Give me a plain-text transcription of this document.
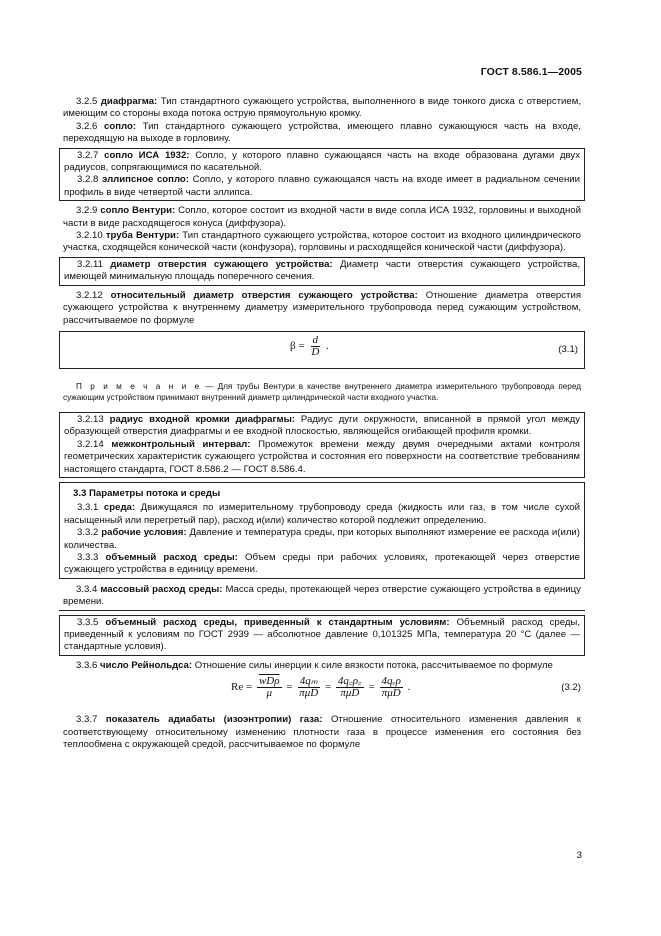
ГОСТ 8.586.1—2005

3.2.5 диафрагма: Тип стандартного сужающего устройства, выполненного в виде тонкого диска с отверстием, имеющим со стороны входа потока острую прямоугольную кромку.

3.2.6 сопло: Тип стандартного сужающего устройства, имеющего плавно сужающуюся часть на входе, переходящую на выходе в горловину.

3.2.7 сопло ИСА 1932: Сопло, у которого плавно сужающаяся часть на входе образована дугами двух радиусов, сопрягающимися по касательной.

3.2.8 эллипсное сопло: Сопло, у которого плавно сужающаяся часть на входе имеет в радиальном сечении профиль в виде четвертой части эллипса.

3.2.9 сопло Вентури: Сопло, которое состоит из входной части в виде сопла ИСА 1932, горловины и выходной части в виде расходящегося конуса (диффузора).

3.2.10 труба Вентури: Тип стандартного сужающего устройства, которое состоит из входного цилиндрического участка, сходящейся конической части (конфузора), горловины и расходящейся конической части (диффузора).

3.2.11 диаметр отверстия сужающего устройства: Диаметр части отверстия сужающего устройства, имеющей минимальную площадь поперечного сечения.

3.2.12 относительный диаметр отверстия сужающего устройства: Отношение диаметра отверстия сужающего устройства к внутреннему диаметру измерительного трубопровода перед сужающим устройством, рассчитываемое по формуле

$\beta = \frac{d}{D}$ .	(3.1)

П р и м е ч а н и е — Для трубы Вентури в качестве внутреннего диаметра измерительного трубопровода перед сужающим устройством принимают внутренний диаметр цилиндрической части входного участка.

3.2.13 радиус входной кромки диафрагмы: Радиус дуги окружности, вписанной в прямой угол между образующей отверстия диафрагмы и ее входной плоскостью, являющейся огибающей профиля кромки.

3.2.14 межконтрольный интервал: Промежуток времени между двумя очередными актами контроля геометрических характеристик сужающего устройства и состояния его поверхности на соответствие требованиям настоящего стандарта, ГОСТ 8.586.2 — ГОСТ 8.586.4.

3.3 Параметры потока и среды

3.3.1 среда: Движущаяся по измерительному трубопроводу среда (жидкость или газ, в том числе сухой насыщенный или перегретый пар), расход и(или) количество которой подлежит определению.

3.3.2 рабочие условия: Давление и температура среды, при которых выполняют измерение ее расхода и(или) количества.

3.3.3 объемный расход среды: Объем среды при рабочих условиях, протекающей через отверстие сужающего устройства в единицу времени.

3.3.4 массовый расход среды: Масса среды, протекающей через отверстие сужающего устройства в единицу времени.

3.3.5 объемный расход среды, приведенный к стандартным условиям: Объемный расход среды, приведенный к условиям по ГОСТ 2939 — абсолютное давление 0,101325 МПа, температура 20 °C (далее — стандартные условия).

3.3.6 число Рейнольдса: Отношение силы инерции к силе вязкости потока, рассчитываемое по формуле

$Re = \frac{\overline{wD\rho}}{\mu} = \frac{\text{4qₘ}}{\text{πμD}} = \frac{4q꜀\rho꜀}{\text{πμD}} = \frac{\text{4qᵥρ}}{\text{πμD}}$ .	(3.2)

3.3.7 показатель адиабаты (изоэнтропии) газа: Отношение относительного изменения давления к соответствующему относительному изменению плотности газа в процессе изменения его состояния без теплообмена с окружающей средой, рассчитываемое по формуле

3
